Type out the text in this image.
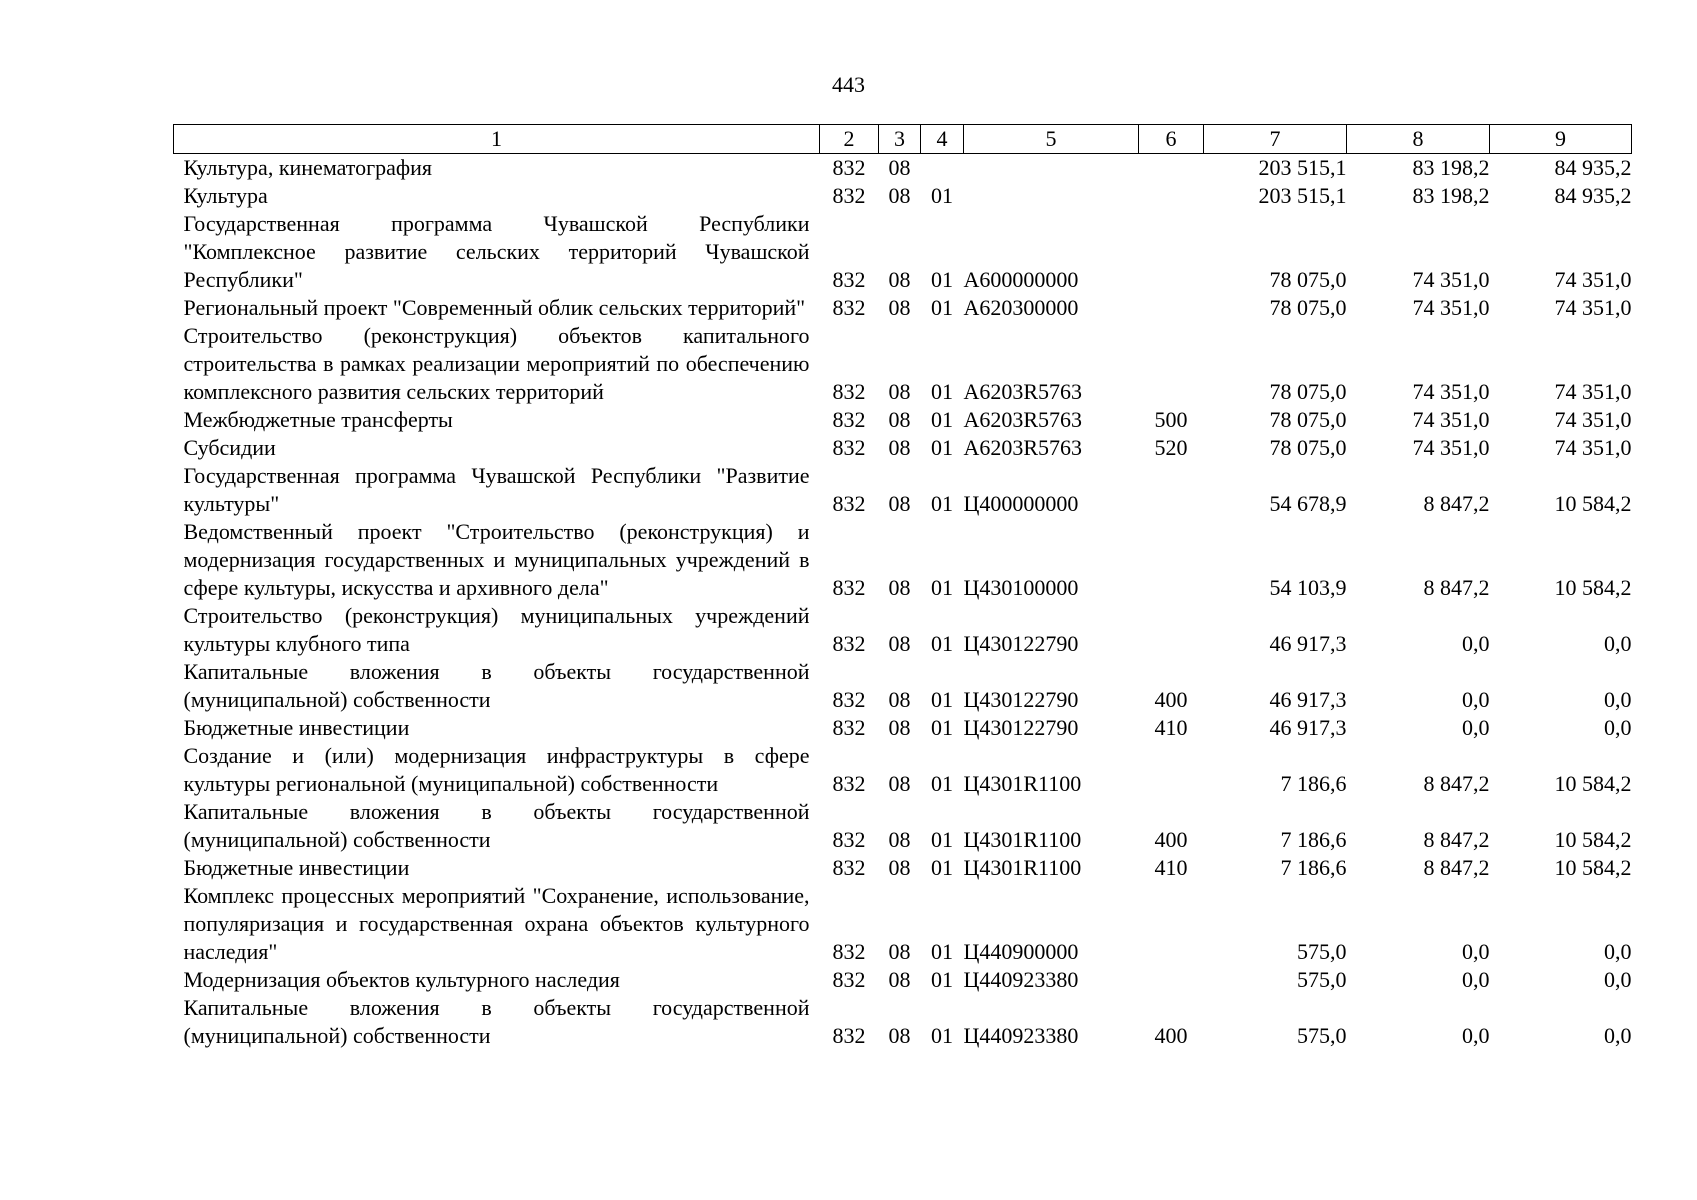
443
1	2	3	4	5	6	7	8	9
Культура, кинематография	832	08				203 515,1	83 198,2	84 935,2
Культура	832	08	01			203 515,1	83 198,2	84 935,2
Государственная программа Чувашской Республики "Комплексное развитие сельских территорий Чувашской Республики"	832	08	01	А600000000		78 075,0	74 351,0	74 351,0
Региональный проект "Современный облик сельских территорий"	832	08	01	А620300000		78 075,0	74 351,0	74 351,0
Строительство (реконструкция) объектов капитального строительства в рамках реализации мероприятий по обеспечению комплексного развития сельских территорий	832	08	01	А6203R5763		78 075,0	74 351,0	74 351,0
Межбюджетные трансферты	832	08	01	А6203R5763	500	78 075,0	74 351,0	74 351,0
Субсидии	832	08	01	А6203R5763	520	78 075,0	74 351,0	74 351,0
Государственная программа Чувашской Республики "Развитие культуры"	832	08	01	Ц400000000		54 678,9	8 847,2	10 584,2
Ведомственный проект "Строительство (реконструкция) и модернизация государственных и муниципальных учреждений в сфере культуры, искусства и архивного дела"	832	08	01	Ц430100000		54 103,9	8 847,2	10 584,2
Строительство (реконструкция) муниципальных учреждений культуры клубного типа	832	08	01	Ц430122790		46 917,3	0,0	0,0
Капитальные вложения в объекты государственной (муниципальной) собственности	832	08	01	Ц430122790	400	46 917,3	0,0	0,0
Бюджетные инвестиции	832	08	01	Ц430122790	410	46 917,3	0,0	0,0
Создание и (или) модернизация инфраструктуры в сфере культуры региональной (муниципальной) собственности	832	08	01	Ц4301R1100		7 186,6	8 847,2	10 584,2
Капитальные вложения в объекты государственной (муниципальной) собственности	832	08	01	Ц4301R1100	400	7 186,6	8 847,2	10 584,2
Бюджетные инвестиции	832	08	01	Ц4301R1100	410	7 186,6	8 847,2	10 584,2
Комплекс процессных мероприятий "Сохранение, использование, популяризация и государственная охрана объектов культурного наследия"	832	08	01	Ц440900000		575,0	0,0	0,0
Модернизация объектов культурного наследия	832	08	01	Ц440923380		575,0	0,0	0,0
Капитальные вложения в объекты государственной (муниципальной) собственности	832	08	01	Ц440923380	400	575,0	0,0	0,0
